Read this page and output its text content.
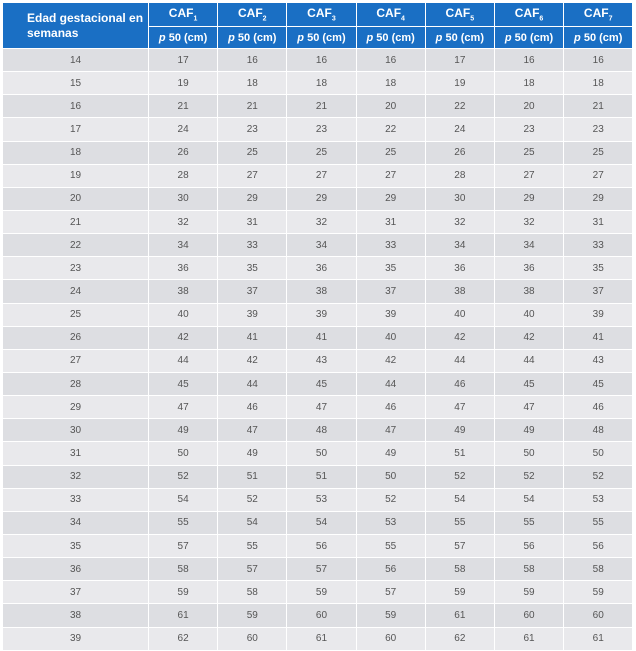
Edad gestacional en semanas	$CAF_1$	$CAF_2$	$CAF_3$	$CAF_4$	$CAF_5$	$CAF_6$	$CAF_7$
	p 50 (cm)	p 50 (cm)	p 50 (cm)	p 50 (cm)	p 50 (cm)	p 50 (cm)	p 50 (cm)
14	17	16	16	16	17	16	16
15	19	18	18	18	19	18	18
16	21	21	21	20	22	20	21
17	24	23	23	22	24	23	23
18	26	25	25	25	26	25	25
19	28	27	27	27	28	27	27
20	30	29	29	29	30	29	29
21	32	31	32	31	32	32	31
22	34	33	34	33	34	34	33
23	36	35	36	35	36	36	35
24	38	37	38	37	38	38	37
25	40	39	39	39	40	40	39
26	42	41	41	40	42	42	41
27	44	42	43	42	44	44	43
28	45	44	45	44	46	45	45
29	47	46	47	46	47	47	46
30	49	47	48	47	49	49	48
31	50	49	50	49	51	50	50
32	52	51	51	50	52	52	52
33	54	52	53	52	54	54	53
34	55	54	54	53	55	55	55
35	57	55	56	55	57	56	56
36	58	57	57	56	58	58	58
37	59	58	59	57	59	59	59
38	61	59	60	59	61	60	60
39	62	60	61	60	62	61	61
